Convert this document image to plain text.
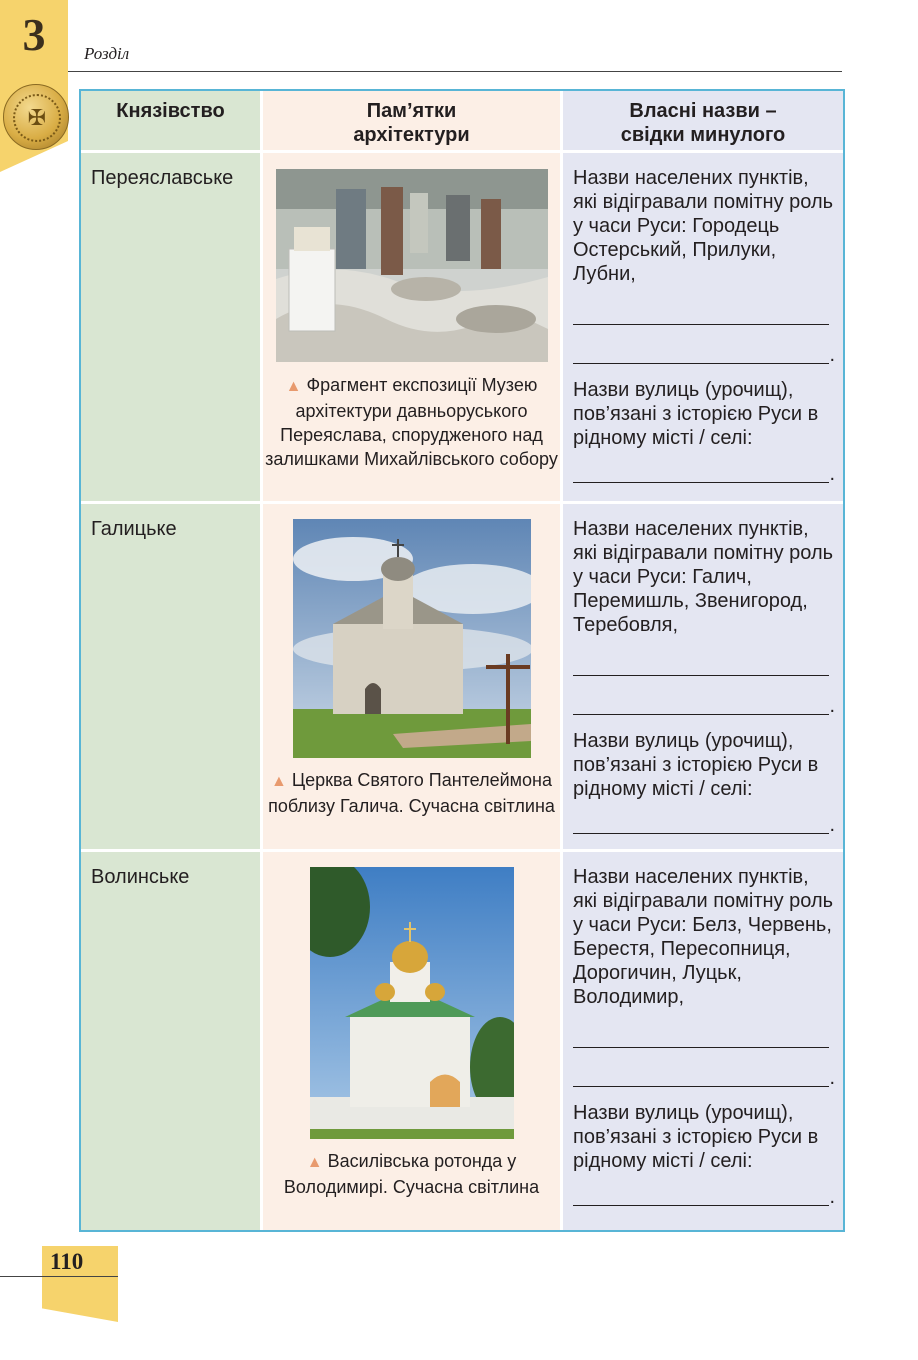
3
✠
Розділ
Князівство	Пам’ятки
архітектури
Власні назви –
свідки минулого
Переяславське
▲ Фрагмент експозиції Музею архітектури давньоруського Переяслава, спорудженого над залишками Михайлівського собору
Назви населених пунктів, які відігравали помітну роль у часи Руси: Городець Остерський, Прилуки, Лубни,
.
Назви вулиць (урочищ), пов’язані з історією Руси в рідному місті / селі:
.
Галицьке
▲ Церква Святого Пантелеймона поблизу Галича. Сучасна світлина
Назви населених пунктів, які відігравали помітну роль у часи Руси: Галич, Перемишль, Звенигород, Теребовля,
.
Назви вулиць (урочищ), пов’язані з історією Руси в рідному місті / селі:
.
Волинське
▲ Василівська ротонда у Володимирі. Сучасна світлина
Назви населених пунктів, які відігравали помітну роль у часи Руси: Белз, Червень, Берестя, Пересопниця, Дорогичин, Луцьк, Володимир,
.
Назви вулиць (урочищ), пов’язані з історією Руси в рідному місті / селі:
.
110
